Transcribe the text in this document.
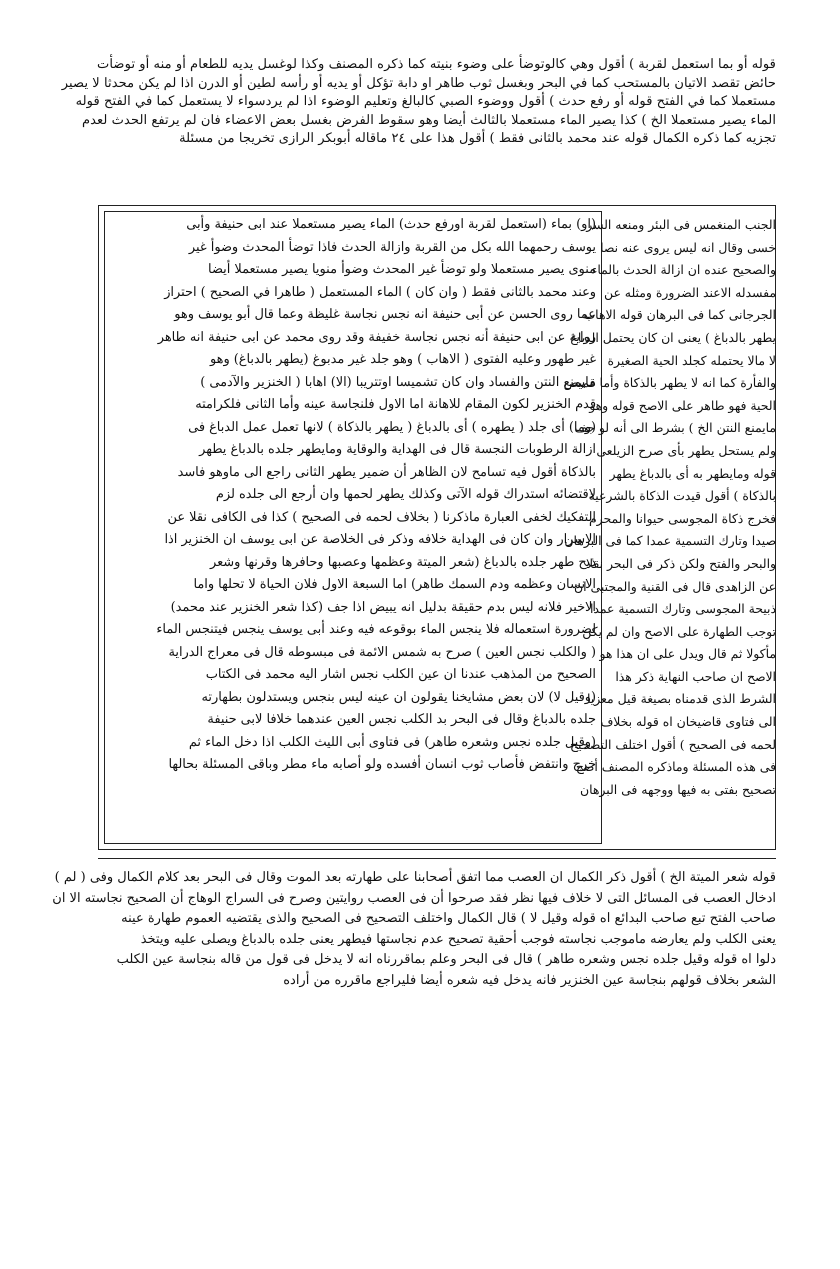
قوله أو بما استعمل لقربة ) أقول وهي كالوتوضأ على وضوء بنيته كما ذكره المصنف وكذا لوغسل يديه للطعام أو منه أو توضأت
حائض تقصد الاتيان بالمستحب كما في البحر وبغسل ثوب طاهر او دابة تؤكل أو يديه أو رأسه لطين أو الدرن اذا لم يكن محدثا لا يصير
مستعملا كما في الفتح قوله أو رفع حدث ) أقول ووضوء الصبي كالبالغ وتعليم الوضوء اذا لم يردسواء لا يستعمل كما في الفتح قوله
الماء يصير مستعملا الخ ) كذا يصير الماء مستعملا بالثالث أيضا وهو سقوط الفرض بغسل بعض الاعضاء فان لم يرتفع الحدث لعدم
تجزيه كما ذكره الكمال قوله عند محمد بالثانى فقط ) أقول هذا على ٢٤ ماقاله أبوبكر الرازى تخريجا من مسئلة
(او) بماء (استعمل لقربة اورفع حدث) الماء يصير مستعملا عند ابى حنيفة وأبى
يوسف رحمهما الله بكل من القربة وازالة الحدث فاذا توضأ المحدث وضوأ غير
منوى يصير مستعملا ولو توضأ غير المحدث وضوأ منويا يصير مستعملا أيضا
وعند محمد بالثانى فقط ( وان كان ) الماء المستعمل ( طاهرا في الصحيح ) احتراز
عما روى الحسن عن أبى حنيفة انه نجس نجاسة غليظة وعما قال أبو يوسف وهو
رواية عن ابى حنيفة أنه نجس نجاسة خفيفة وقد روى محمد عن ابى حنيفة انه طاهر
غير طهور وعليه الفتوى ( الاهاب ) وهو جلد غير مدبوغ (يطهر بالدباغ) وهو
مايمنع النتن والفساد وان كان تشميسا اوتتريبا (الا) اهابا ( الخنزير والآدمى )
قدم الخنزير لكون المقام للاهانة اما الاول فلنجاسة عينه وأما الثانى فلكرامته
(وما) أى جلد ( يطهره ) أى بالدباغ ( يطهر بالذكاة ) لانها تعمل عمل الدباغ فى
ازالة الرطوبات النجسة قال فى الهداية والوقاية ومايطهر جلده بالدباغ يطهر
بالذكاة أقول فيه تسامح لان الظاهر أن ضمير يطهر الثانى راجع الى ماوهو فاسد
لاقتضائه استدراك قوله الآتى وكذلك يطهر لحمها وان أرجع الى جلده لزم
التفكيك لخفى العبارة ماذكرنا ( بخلاف لحمه فى الصحيح ) كذا فى الكافى نقلا عن
الاسرار وان كان فى الهداية خلافه وذكر فى الخلاصة عن ابى يوسف ان الخنزير اذا
ذبح طهر جلده بالدباغ (شعر الميتة وعظمها وعصبها وحافرها وقرنها وشعر
الانسان وعظمه ودم السمك طاهر) اما السبعة الاول فلان الحياة لا تحلها واما
الاخير فلانه ليس بدم حقيقة بدليل انه يبيض اذا جف (كذا شعر الخنزير عند محمد)
لضرورة استعماله فلا ينجس الماء بوقوعه فيه وعند أبى يوسف ينجس فيتنجس الماء
( والكلب نجس العين ) صرح به شمس الائمة فى مبسوطه قال فى معراج الدراية
الصحيح من المذهب عندنا ان عين الكلب نجس اشار اليه محمد فى الكتاب
(وقيل لا) لان بعض مشايخنا يقولون ان عينه ليس بنجس ويستدلون بطهارته
جلده بالدباغ وقال فى البحر بد الكلب نجس العين عندهما خلافا لابى حنيفة
(وقيل جلده نجس وشعره طاهر) فى فتاوى أبى الليث الكلب اذا دخل الماء ثم
خرج وانتفض فأصاب ثوب انسان أفسده ولو أصابه ماء مطر وباقى المسئلة بحالها
الجنب المنغمس فى البئر ومنعه السر
خسى وقال انه ليس يروى عنه نصا
والصحيح عنده ان ازالة الحدث بالماء
مفسدله الاعند الضرورة ومثله عن
الجرجانى كما فى البرهان قوله الاهاب
يطهر بالدباغ ) يعنى ان كان يحتمل الدباغ
لا مالا يحتمله كجلد الحية الصغيرة
والفأرة كما انه لا يطهر بالذكاة وأما قميص
الحية فهو طاهر على الاصح قوله وهو
مايمنع النتن الخ ) بشرط الى أنه لو جف
ولم يستحل يطهر بأى صرح الزيلعى
قوله ومايطهر به أى بالدباغ يطهر
بالذكاة ) أقول قيدت الذكاة بالشرعية
فخرج ذكاة المجوسى حيوانا والمحرم
صيدا وتارك التسمية عمدا كما فى البرهان
والبحر والفتح ولكن ذكر فى البحر نقلا
عن الزاهدى قال فى القنية والمجتبى ان
ذبيحة المجوسى وتارك التسمية عمدا
توجب الطهارة على الاصح وان لم يكن
مأكولا ثم قال ويدل على ان هذا هو
الاصح ان صاحب النهاية ذكر هذا
الشرط الذى قدمناه بصيغة قيل معزيا
الى فتاوى قاضيخان اه قوله بخلاف
لحمه فى الصحيح ) أقول اختلف التصحيح
فى هذه المسئلة وماذكره المصنف أصح
تصحيح بفتى به فيها ووجهه فى البرهان
قوله شعر الميتة الخ ) أقول ذكر الكمال ان العصب مما اتفق أصحابنا على طهارته بعد الموت وقال فى البحر بعد كلام الكمال وفى ( لم )
ادخال العصب فى المسائل التى لا خلاف فيها نظر فقد صرحوا أن فى العصب روايتين وصرح فى السراج الوهاج أن الصحيح نجاسته الا ان
صاحب الفتح تبع صاحب البدائع اه قوله وقيل لا ) قال الكمال واختلف التصحيح فى الصحيح والذى يقتضيه العموم طهارة عينه
يعنى الكلب ولم يعارضه ماموجب نجاسته فوجب أحقية تصحيح عدم نجاستها فيطهر يعنى جلده بالدباغ ويصلى عليه ويتخذ
دلوا اه قوله وقيل جلده نجس وشعره طاهر ) قال فى البحر وعلم بماقررناه انه لا يدخل فى قول من قاله بنجاسة عين الكلب
الشعر بخلاف قولهم بنجاسة عين الخنزير فانه يدخل فيه شعره أيضا فليراجع ماقرره من أراده
